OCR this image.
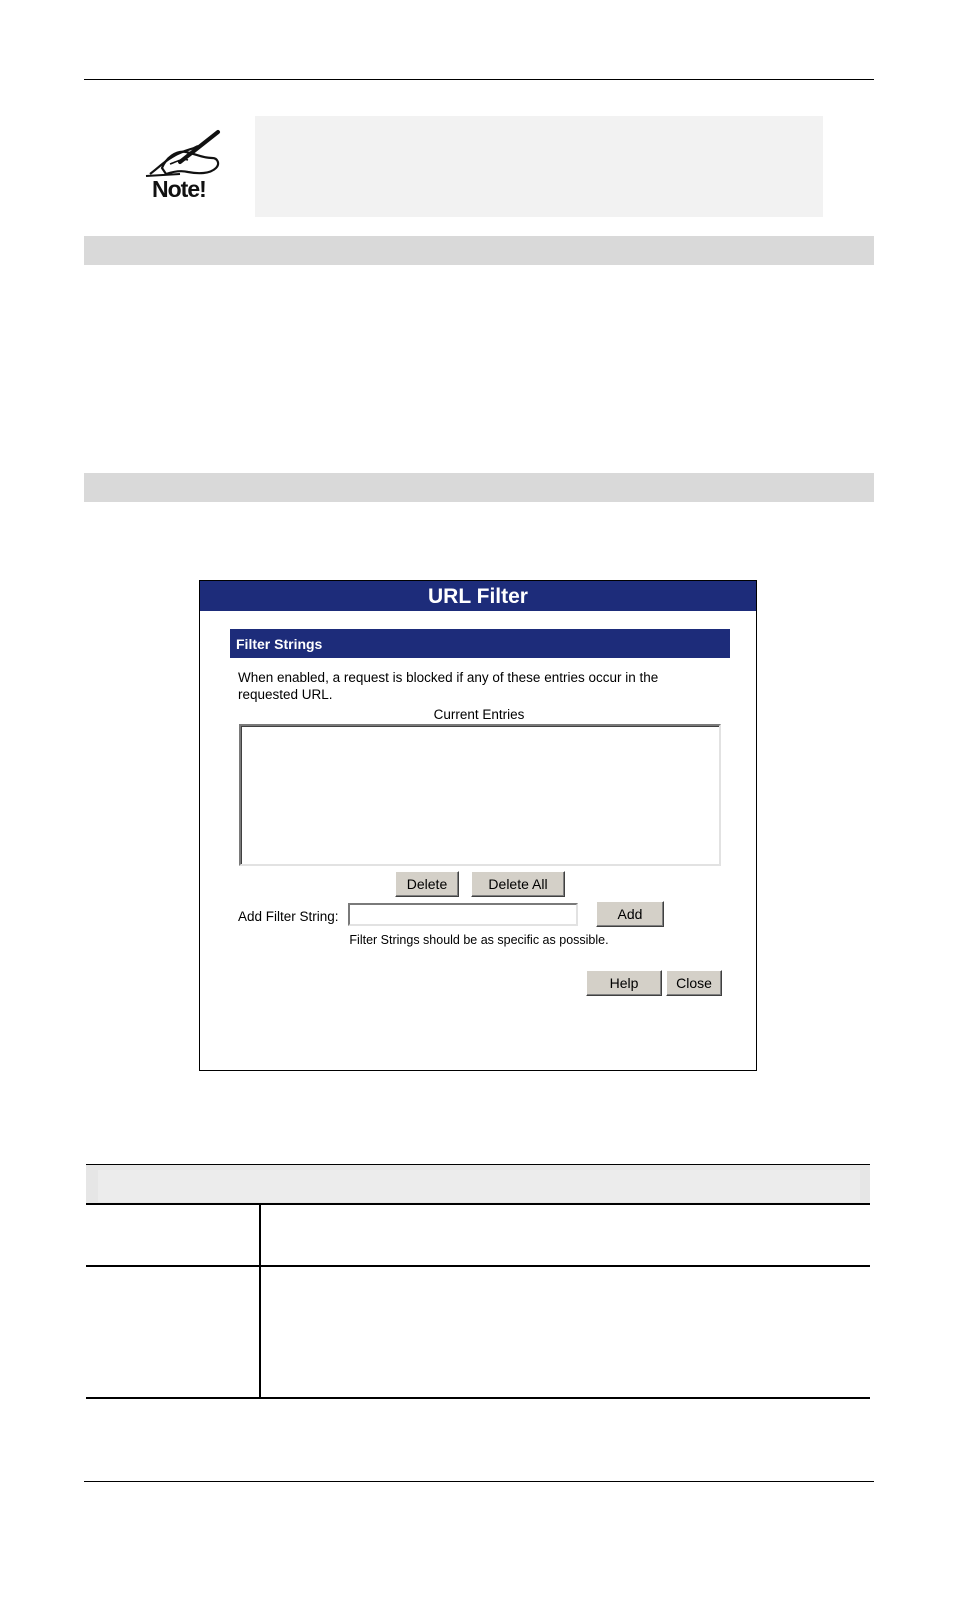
Note!
URL Filter
Filter Strings
When enabled, a request is blocked if any of these entries occur in the requested URL.
Current Entries
Delete	Delete All
Add Filter String:	Add
Filter Strings should be as specific as possible.
Help	Close
